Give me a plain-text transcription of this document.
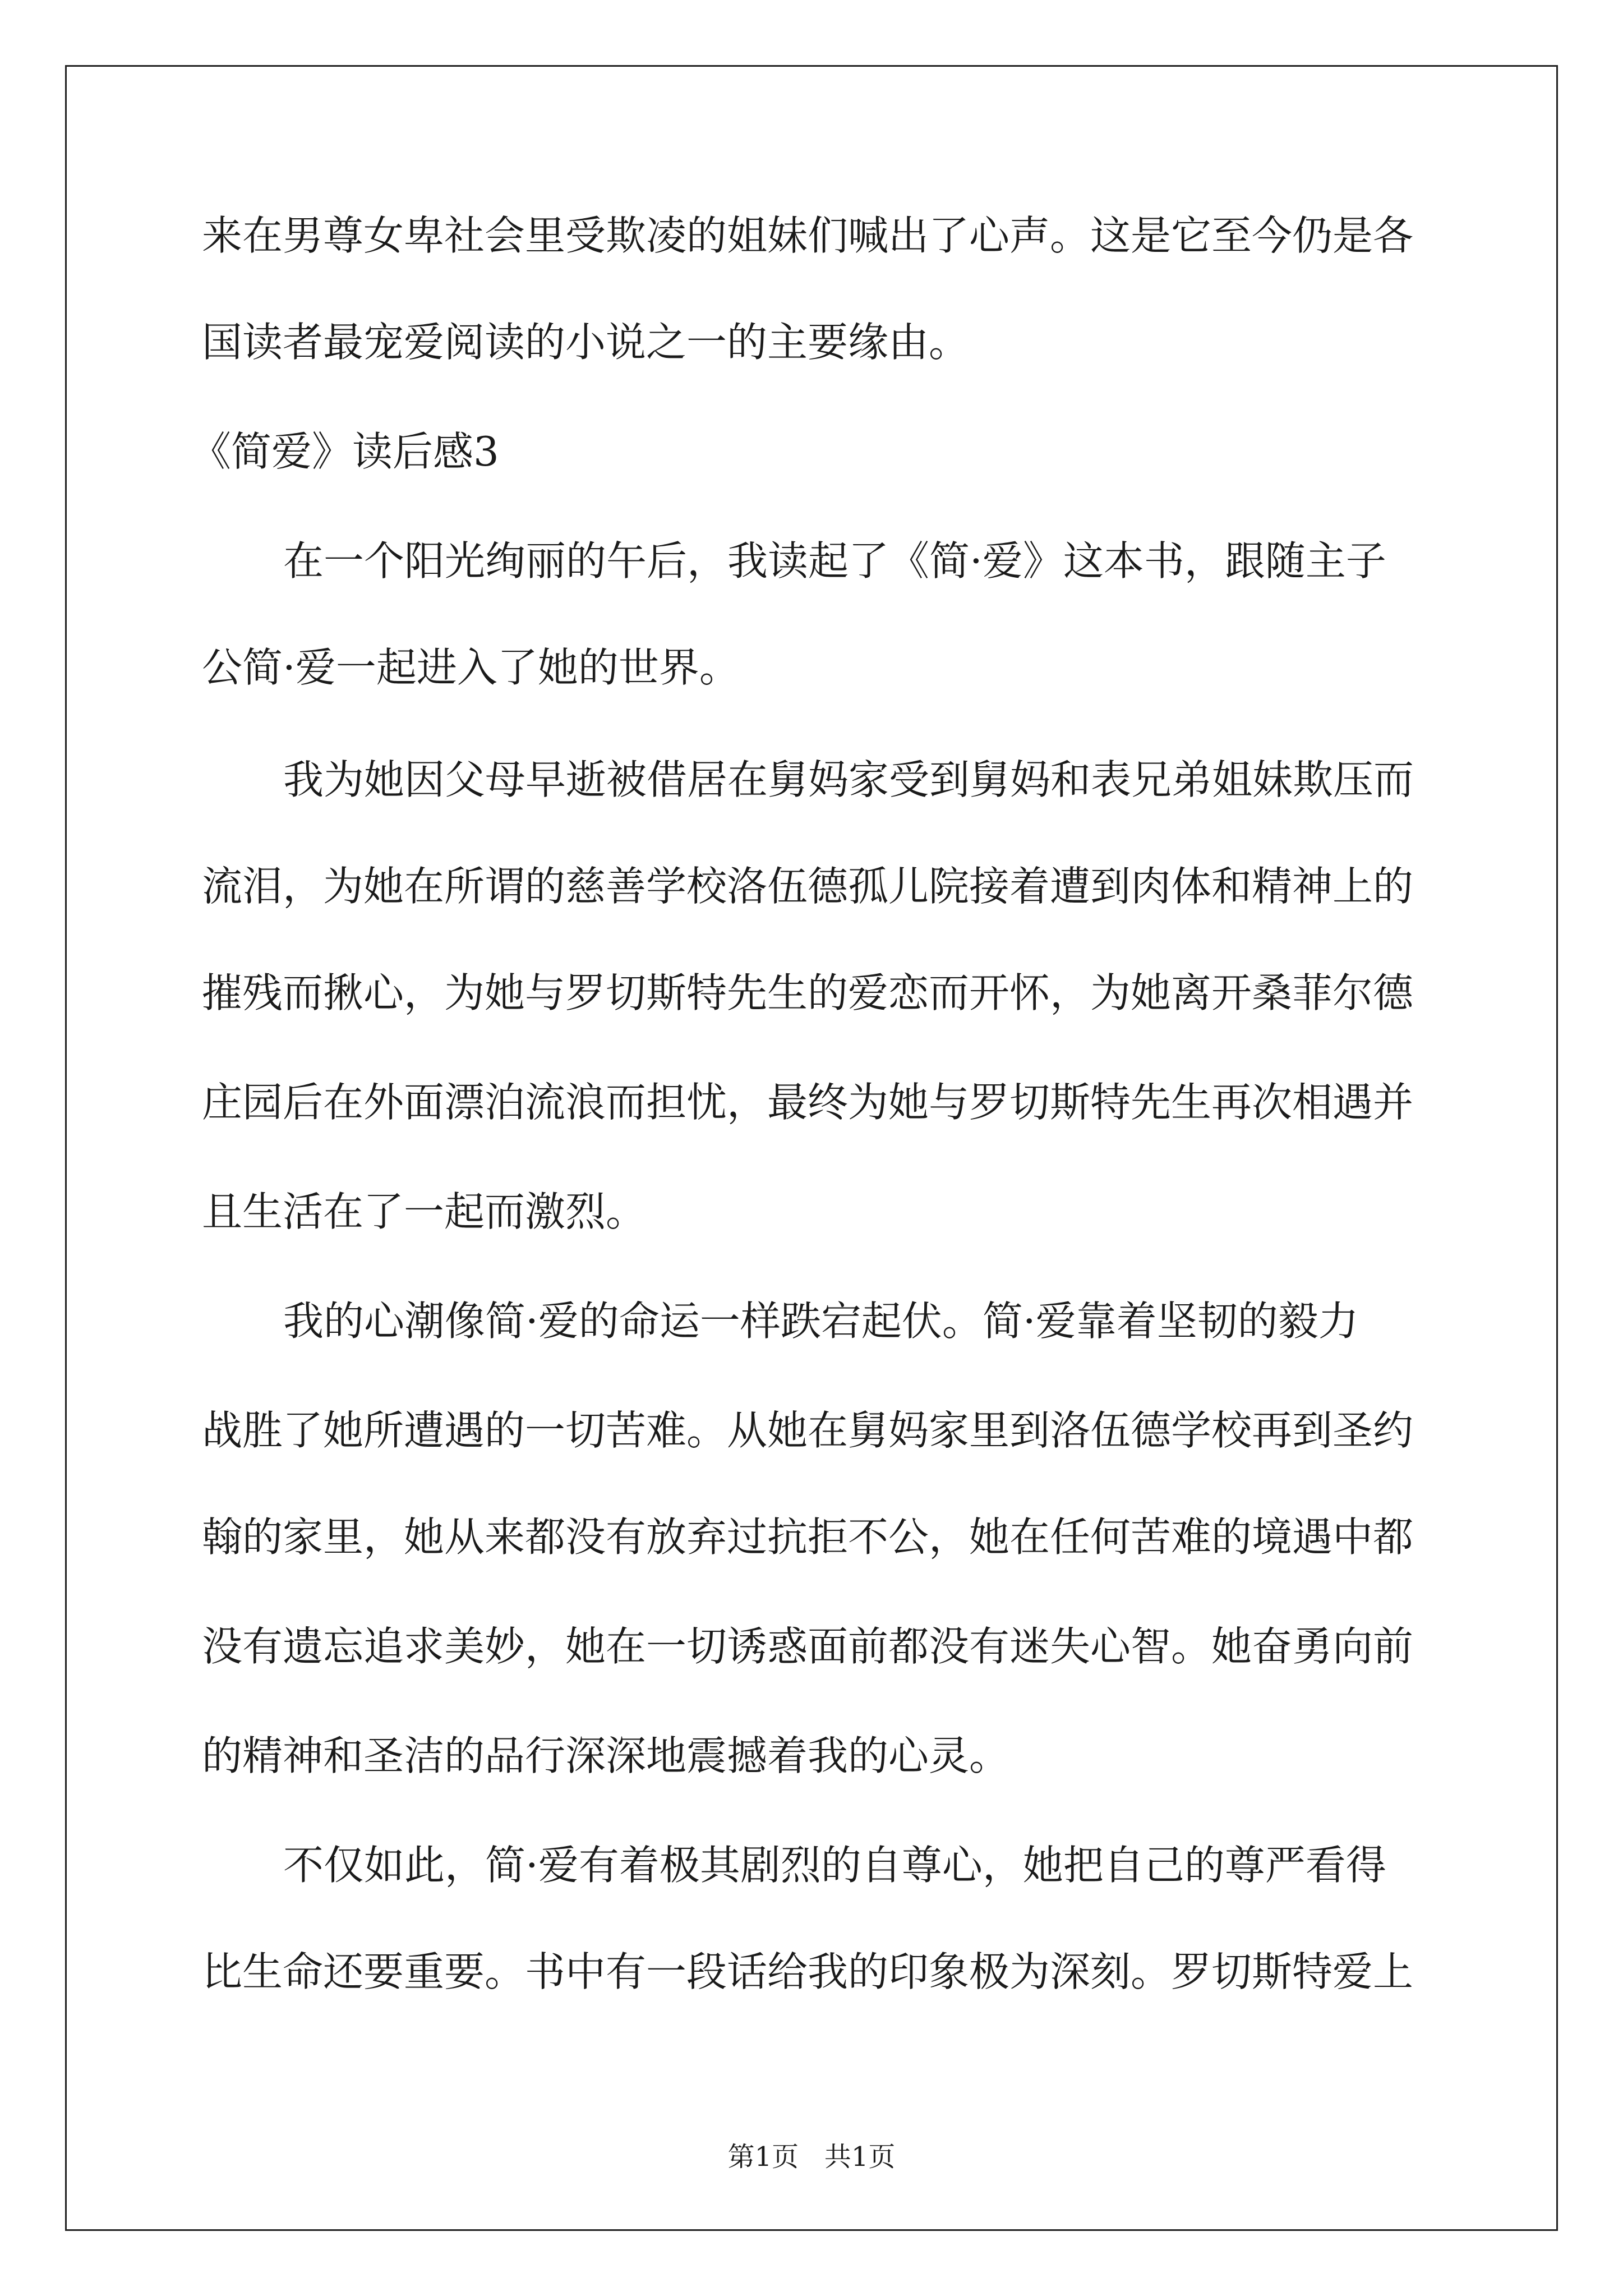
来在男尊女卑社会里受欺凌的姐妹们喊出了心声。这是它至今仍是各
国读者最宠爱阅读的小说之一的主要缘由。
《简爱》读后感3
在一个阳光绚丽的午后，我读起了《简·爱》这本书，跟随主子
公简·爱一起进入了她的世界。
我为她因父母早逝被借居在舅妈家受到舅妈和表兄弟姐妹欺压而
流泪，为她在所谓的慈善学校洛伍德孤儿院接着遭到肉体和精神上的
摧残而揪心，为她与罗切斯特先生的爱恋而开怀，为她离开桑菲尔德
庄园后在外面漂泊流浪而担忧，最终为她与罗切斯特先生再次相遇并
且生活在了一起而激烈。
我的心潮像简·爱的命运一样跌宕起伏。简·爱靠着坚韧的毅力
战胜了她所遭遇的一切苦难。从她在舅妈家里到洛伍德学校再到圣约
翰的家里，她从来都没有放弃过抗拒不公，她在任何苦难的境遇中都
没有遗忘追求美妙，她在一切诱惑面前都没有迷失心智。她奋勇向前
的精神和圣洁的品行深深地震撼着我的心灵。
不仅如此，简·爱有着极其剧烈的自尊心，她把自己的尊严看得
比生命还要重要。书中有一段话给我的印象极为深刻。罗切斯特爱上
第1页   共1页
